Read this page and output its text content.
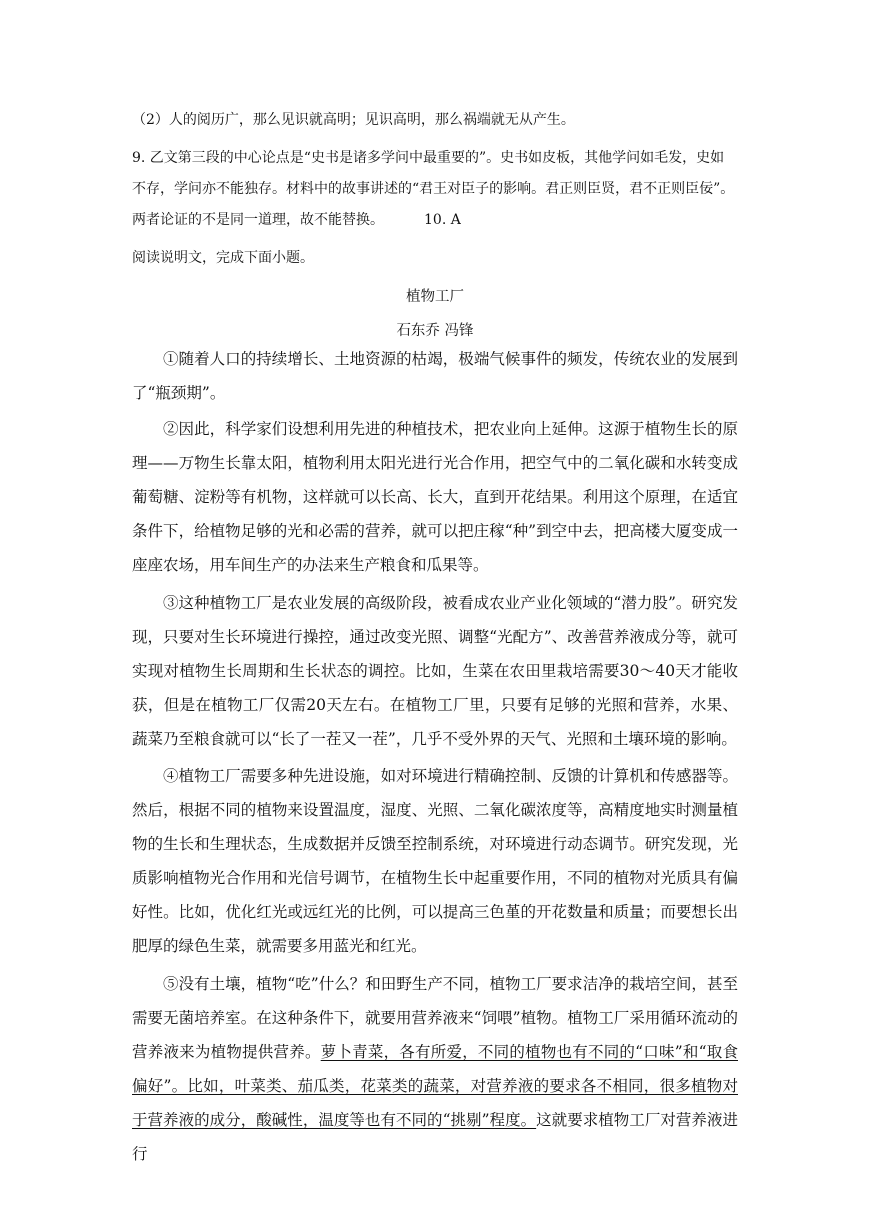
（2）人的阅历广，那么见识就高明；见识高明，那么祸端就无从产生。

9. 乙文第三段的中心论点是“史书是诸多学问中最重要的”。史书如皮板，其他学问如毛发，史如不存，学问亦不能独存。材料中的故事讲述的“君王对臣子的影响。君正则臣贤，君不正则臣佞”。两者论证的不是同一道理，故不能替换。	10. A

阅读说明文，完成下面小题。

植物工厂

石东乔 冯锋

①随着人口的持续增长、土地资源的枯竭，极端气候事件的频发，传统农业的发展到了“瓶颈期”。

②因此，科学家们设想利用先进的种植技术，把农业向上延伸。这源于植物生长的原理——万物生长靠太阳，植物利用太阳光进行光合作用，把空气中的二氧化碳和水转变成葡萄糖、淀粉等有机物，这样就可以长高、长大，直到开花结果。利用这个原理，在适宜条件下，给植物足够的光和必需的营养，就可以把庄稼“种”到空中去，把高楼大厦变成一座座农场，用车间生产的办法来生产粮食和瓜果等。

③这种植物工厂是农业发展的高级阶段，被看成农业产业化领域的“潜力股”。研究发现，只要对生长环境进行操控，通过改变光照、调整“光配方”、改善营养液成分等，就可实现对植物生长周期和生长状态的调控。比如，生菜在农田里栽培需要30～40天才能收获，但是在植物工厂仅需20天左右。在植物工厂里，只要有足够的光照和营养，水果、蔬菜乃至粮食就可以“长了一茬又一茬”，几乎不受外界的天气、光照和土壤环境的影响。

④植物工厂需要多种先进设施，如对环境进行精确控制、反馈的计算机和传感器等。然后，根据不同的植物来设置温度，湿度、光照、二氧化碳浓度等，高精度地实时测量植物的生长和生理状态，生成数据并反馈至控制系统，对环境进行动态调节。研究发现，光质影响植物光合作用和光信号调节，在植物生长中起重要作用，不同的植物对光质具有偏好性。比如，优化红光或远红光的比例，可以提高三色堇的开花数量和质量；而要想长出肥厚的绿色生菜，就需要多用蓝光和红光。

⑤没有土壤，植物“吃”什么？和田野生产不同，植物工厂要求洁净的栽培空间，甚至需要无菌培养室。在这种条件下，就要用营养液来“饲喂”植物。植物工厂采用循环流动的营养液来为植物提供营养。萝卜青菜，各有所爱，不同的植物也有不同的“口味”和“取食偏好”。比如，叶菜类、茄瓜类，花菜类的蔬菜，对营养液的要求各不相同，很多植物对于营养液的成分，酸碱性，温度等也有不同的“挑剔”程度。这就要求植物工厂对营养液进行
